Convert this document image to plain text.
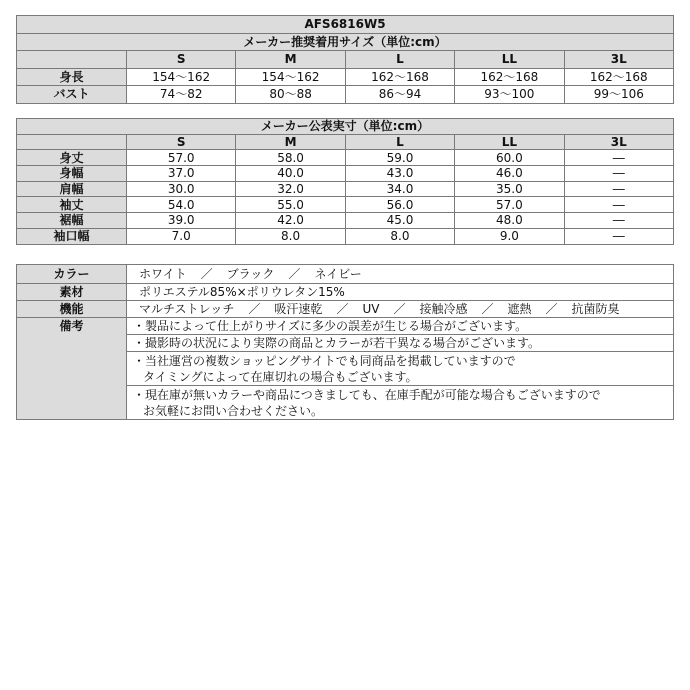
AFS6816W5					
メーカー推奨着用サイズ（単位:cm）					
	S	M	L	LL	3L
身長	154～162	154～162	162～168	162～168	162～168
バスト	74～82	80～88	86～94	93～100	99～106
メーカー公表実寸（単位:cm）					
	S	M	L	LL	3L
身丈	57.0	58.0	59.0	60.0	―
身幅	37.0	40.0	43.0	46.0	―
肩幅	30.0	32.0	34.0	35.0	―
袖丈	54.0	55.0	56.0	57.0	―
裾幅	39.0	42.0	45.0	48.0	―
袖口幅	7.0	8.0	8.0	9.0	―
カラー	ホワイト ／ ブラック ／ ネイビー
素材	ポリエステル85%×ポリウレタン15%
機能	マルチストレッチ ／ 吸汗速乾 ／ UV ／ 接触冷感 ／ 遮熱 ／ 抗菌防臭
備考	・製品によって仕上がりサイズに多少の誤差が生じる場合がございます。

	・撮影時の状況により実際の商品とカラーが若干異なる場合がございます。

	・当社運営の複数ショッピングサイトでも同商品を掲載していますので
タイミングによって在庫切れの場合もございます。

	・現在庫が無いカラーや商品につきましても、在庫手配が可能な場合もございますので
お気軽にお問い合わせください。
